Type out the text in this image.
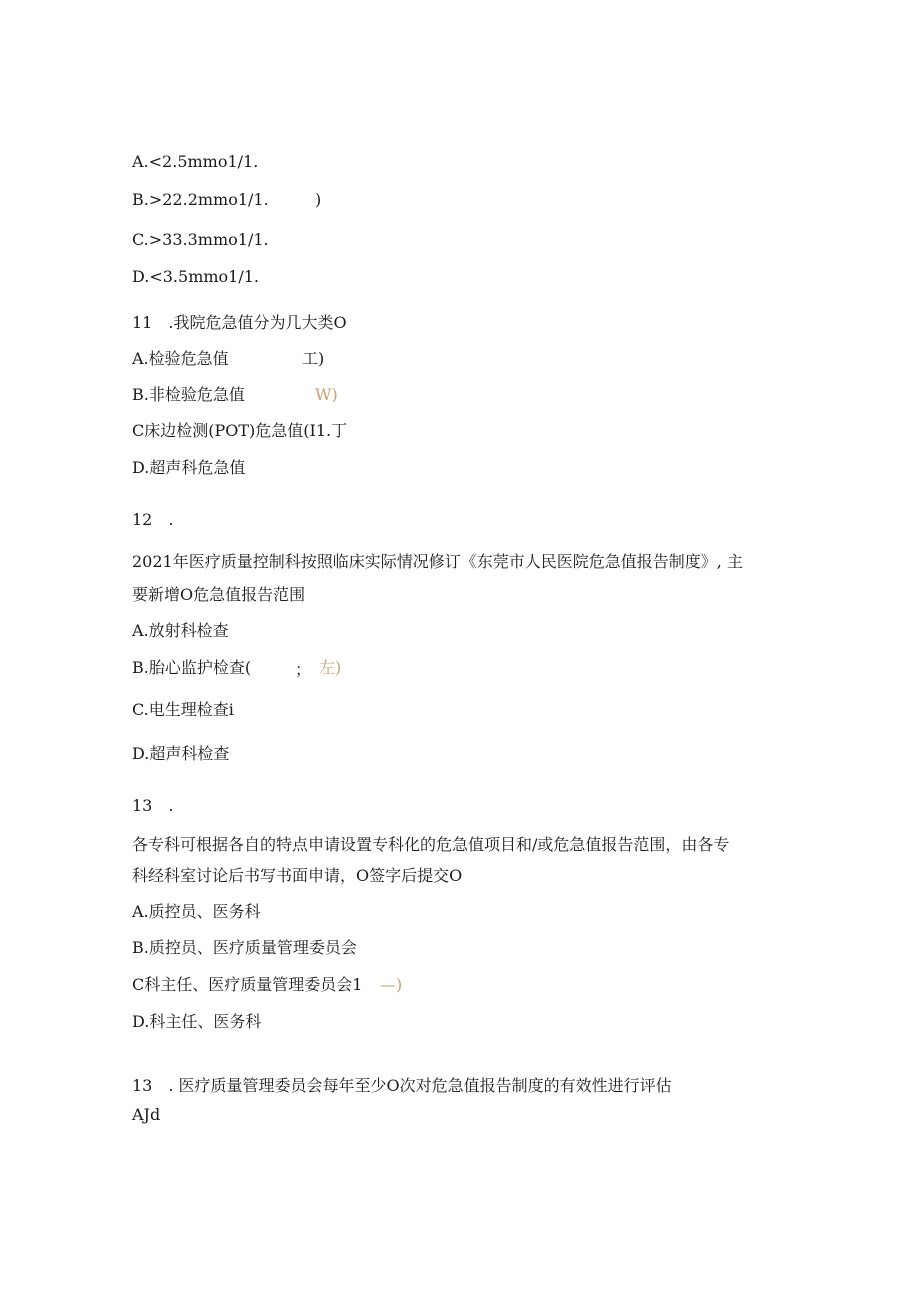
A.<2.5mmo1/1.
B.>22.2mmo1/1.	)
C.>33.3mmo1/1.
D.<3.5mmo1/1.
11　.我院危急值分为几大类O
A.检验危急值	工)
B.非检验危急值	W)
C床边检测(POT)危急值(I1.丁
D.超声科危急值
12　.
2021年医疗质量控制科按照临床实际情况修订《东莞市人民医院危急值报告制度》, 主
要新增O危急值报告范围
A.放射科检查
B.胎心监护检查(	； 左)
C.电生理检查i
D.超声科检查
13　.
各专科可根据各自的特点申请设置专科化的危急值项目和/或危急值报告范围，由各专
科经科室讨论后书写书面申请，O签字后提交O
A.质控员、医务科
B.质控员、医疗质量管理委员会
C科主任、医疗质量管理委员会1 —)
D.科主任、医务科
13　. 医疗质量管理委员会每年至少O次对危急值报告制度的有效性进行评估
AJd
